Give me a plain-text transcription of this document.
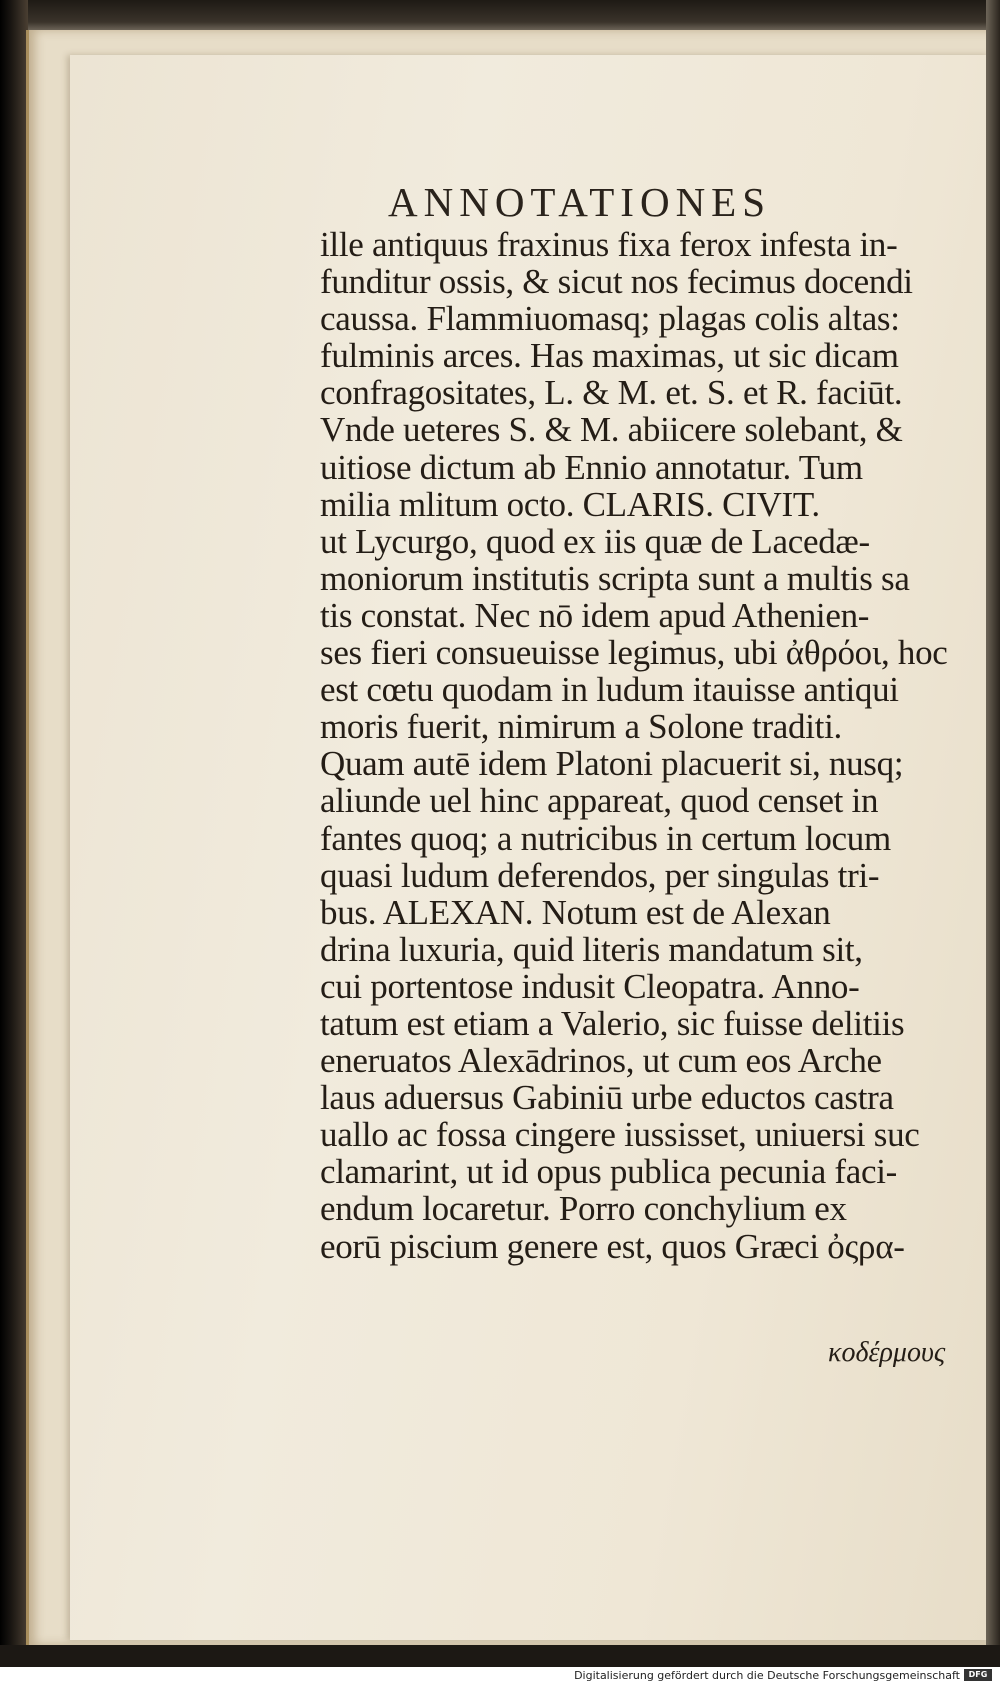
ANNOTATIONES
ille antiquus fraxinus fixa ferox infesta in-
funditur ossis, & sicut nos fecimus docendi
caussa. Flammiuomasq; plagas colis altas:
fulminis arces. Has maximas, ut sic dicam
confragositates, L. & M. et. S. et R. faciūt.
Vnde ueteres S. & M. abiicere solebant, &
uitiose dictum ab Ennio annotatur. Tum
milia mlitum octo. CLARIS. CIVIT.
ut Lycurgo, quod ex iis quæ de Lacedæ-
moniorum institutis scripta sunt a multis sa
tis constat. Nec nō idem apud Athenien-
ses fieri consueuisse legimus, ubi ἀθρόοι, hoc
est cœtu quodam in ludum itauisse antiqui
moris fuerit, nimirum a Solone traditi.
Quam autē idem Platoni placuerit si, nusq;
aliunde uel hinc appareat, quod censet in
fantes quoq; a nutricibus in certum locum
quasi ludum deferendos, per singulas tri-
bus. ALEXAN. Notum est de Alexan
drina luxuria, quid literis mandatum sit,
cui portentose indusit Cleopatra. Anno-
tatum est etiam a Valerio, sic fuisse delitiis
eneruatos Alexādrinos, ut cum eos Arche
laus aduersus Gabiniū urbe eductos castra
uallo ac fossa cingere iussisset, uniuersi suc
clamarint, ut id opus publica pecunia faci-
endum locaretur. Porro conchylium ex
eorū piscium genere est, quos Græci ὀςρα-
κοδέρμους
Digitalisierung gefördert durch die Deutsche Forschungsgemeinschaft	DFG
